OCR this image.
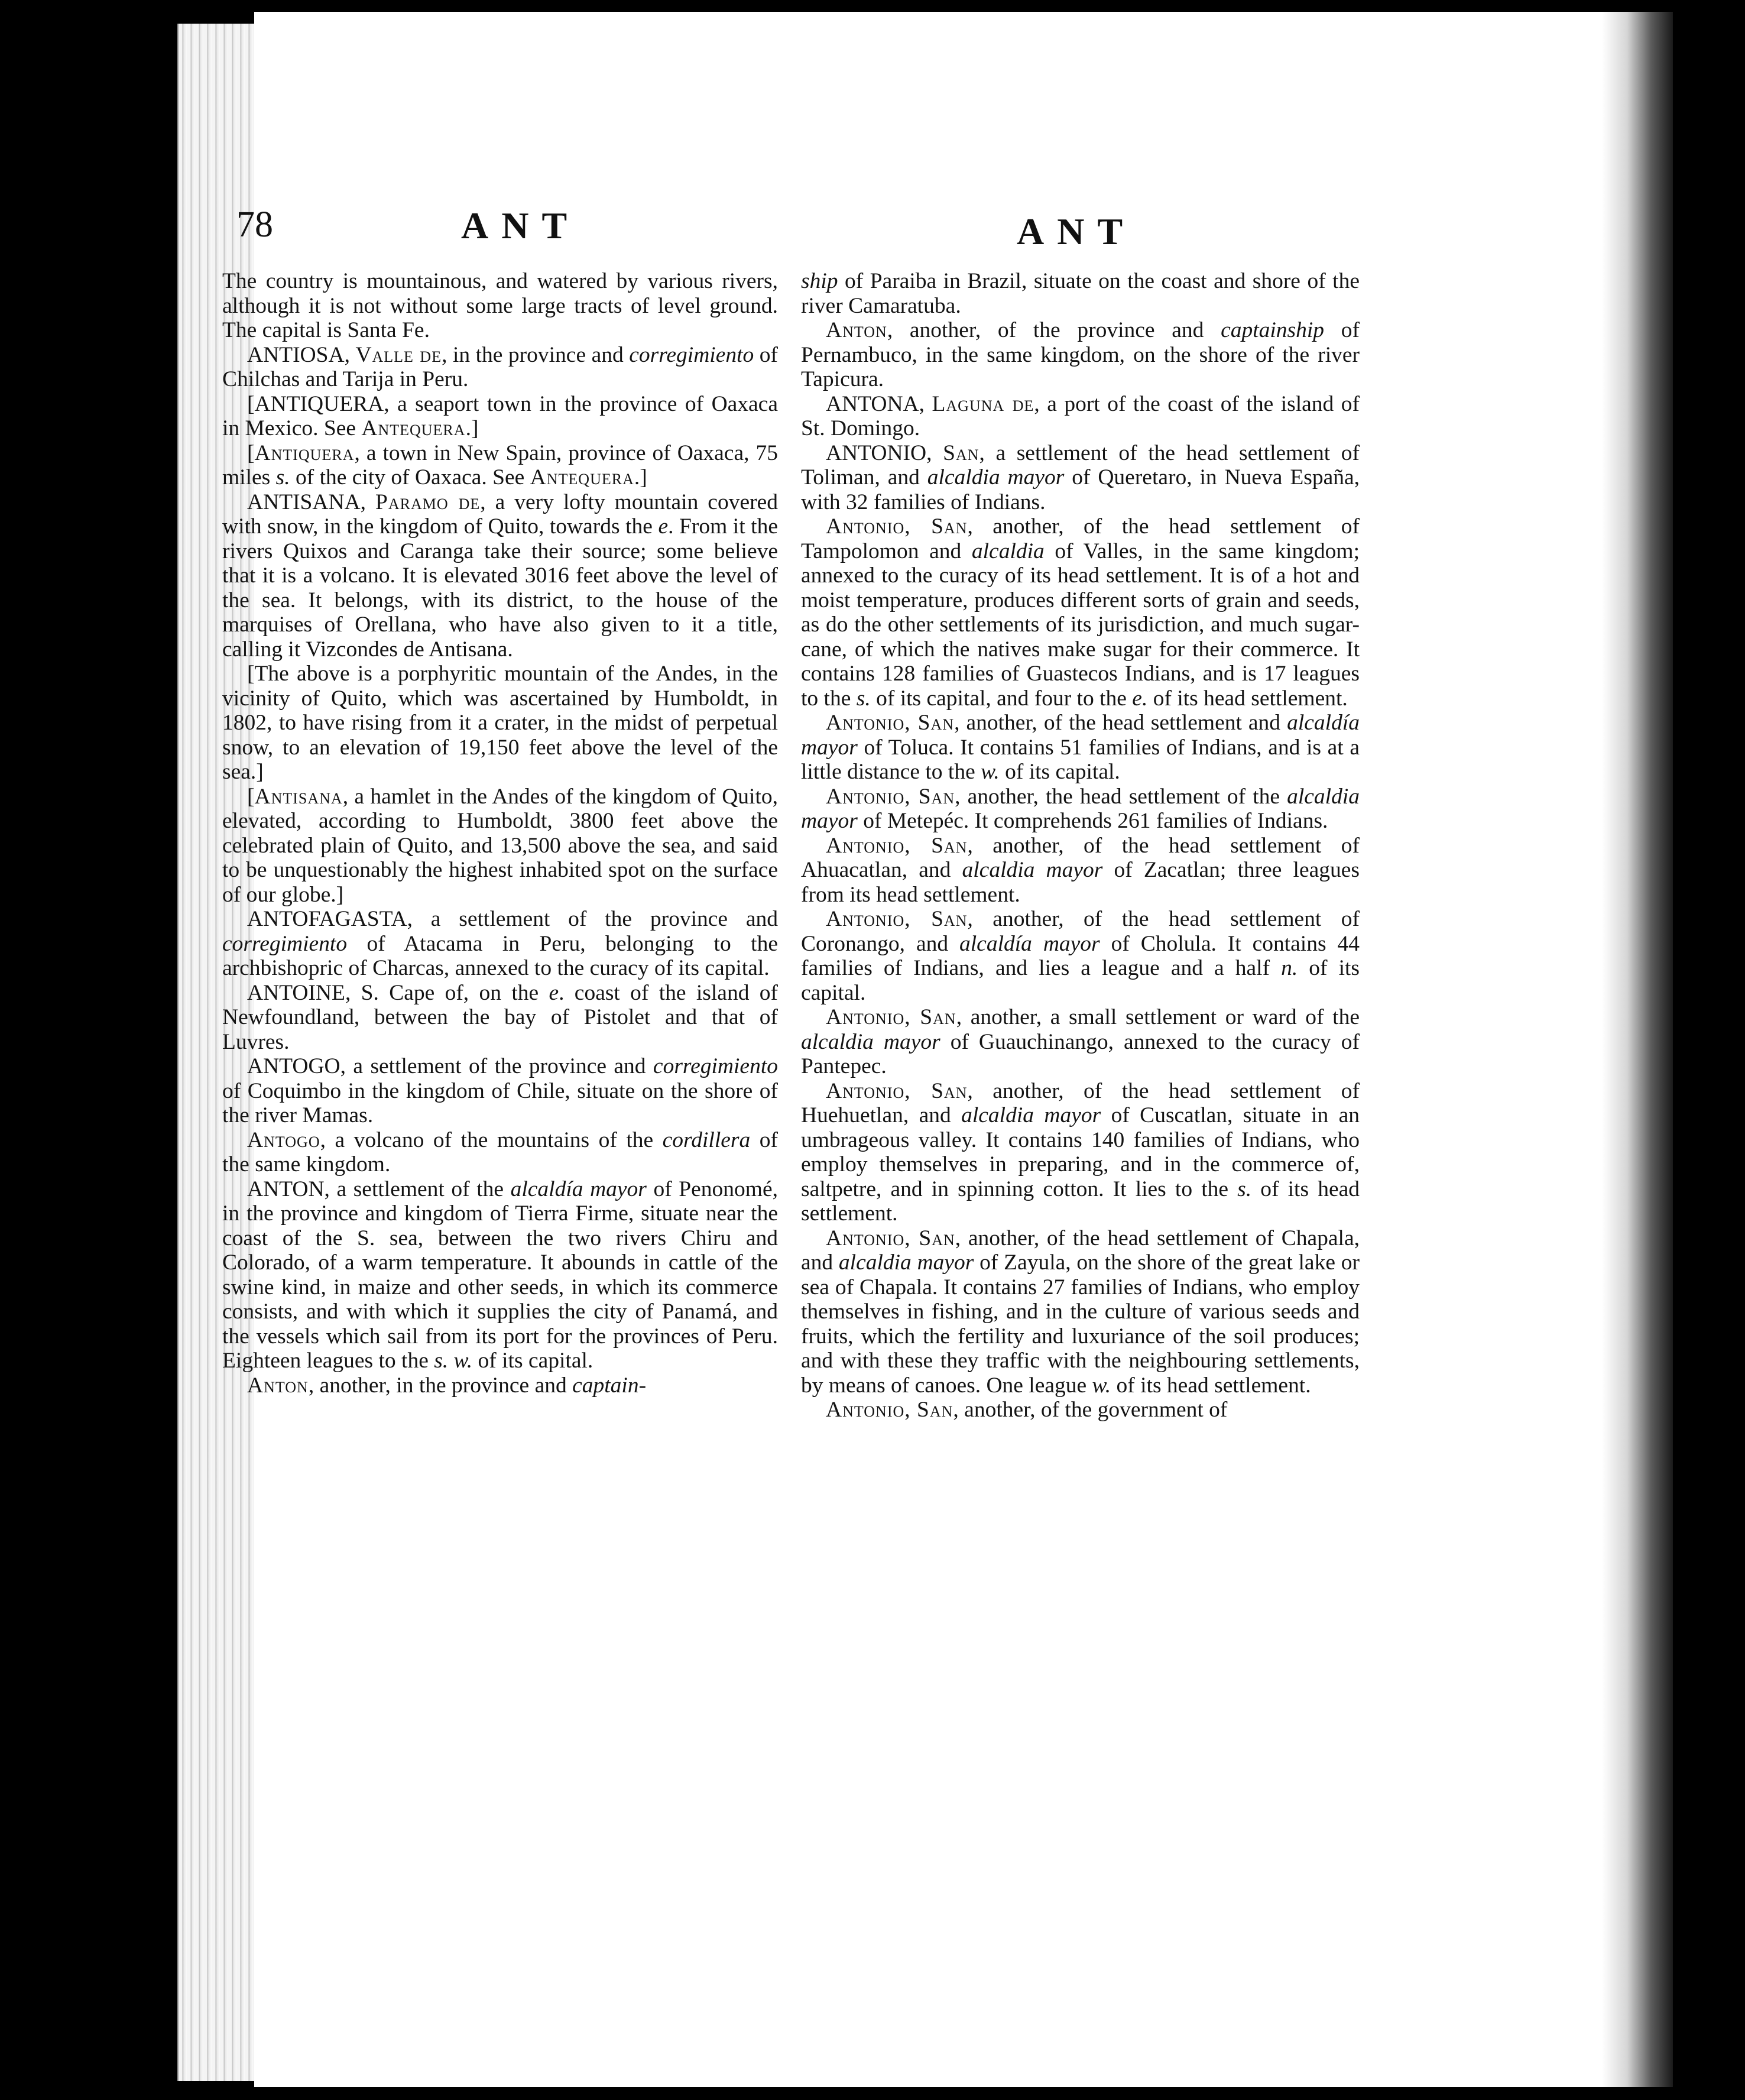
78	ANT	ANT

The country is mountainous, and watered by various rivers, although it is not without some large tracts of level ground. The capital is Santa Fe.

ANTIOSA, Valle de, in the province and corregimiento of Chilchas and Tarija in Peru.

[ANTIQUERA, a seaport town in the province of Oaxaca in Mexico. See Antequera.]

[Antiquera, a town in New Spain, province of Oaxaca, 75 miles s. of the city of Oaxaca. See Antequera.]

ANTISANA, Paramo de, a very lofty mountain covered with snow, in the kingdom of Quito, towards the e. From it the rivers Quixos and Caranga take their source; some believe that it is a volcano. It is elevated 3016 feet above the level of the sea. It belongs, with its district, to the house of the marquises of Orellana, who have also given to it a title, calling it Vizcondes de Antisana.

[The above is a porphyritic mountain of the Andes, in the vicinity of Quito, which was ascertained by Humboldt, in 1802, to have rising from it a crater, in the midst of perpetual snow, to an elevation of 19,150 feet above the level of the sea.]

[Antisana, a hamlet in the Andes of the kingdom of Quito, elevated, according to Humboldt, 3800 feet above the celebrated plain of Quito, and 13,500 above the sea, and said to be unquestionably the highest inhabited spot on the surface of our globe.]

ANTOFAGASTA, a settlement of the province and corregimiento of Atacama in Peru, belonging to the archbishopric of Charcas, annexed to the curacy of its capital.

ANTOINE, S. Cape of, on the e. coast of the island of Newfoundland, between the bay of Pistolet and that of Luvres.

ANTOGO, a settlement of the province and corregimiento of Coquimbo in the kingdom of Chile, situate on the shore of the river Mamas.

Antogo, a volcano of the mountains of the cordillera of the same kingdom.

ANTON, a settlement of the alcaldía mayor of Penonomé, in the province and kingdom of Tierra Firme, situate near the coast of the S. sea, between the two rivers Chiru and Colorado, of a warm temperature. It abounds in cattle of the swine kind, in maize and other seeds, in which its commerce consists, and with which it supplies the city of Panamá, and the vessels which sail from its port for the provinces of Peru. Eighteen leagues to the s. w. of its capital.

Anton, another, in the province and captain-

ship of Paraiba in Brazil, situate on the coast and shore of the river Camaratuba.

Anton, another, of the province and captainship of Pernambuco, in the same kingdom, on the shore of the river Tapicura.

ANTONA, Laguna de, a port of the coast of the island of St. Domingo.

ANTONIO, San, a settlement of the head settlement of Toliman, and alcaldia mayor of Queretaro, in Nueva España, with 32 families of Indians.

Antonio, San, another, of the head settlement of Tampolomon and alcaldia of Valles, in the same kingdom; annexed to the curacy of its head settlement. It is of a hot and moist temperature, produces different sorts of grain and seeds, as do the other settlements of its jurisdiction, and much sugar-cane, of which the natives make sugar for their commerce. It contains 128 families of Guastecos Indians, and is 17 leagues to the s. of its capital, and four to the e. of its head settlement.

Antonio, San, another, of the head settlement and alcaldía mayor of Toluca. It contains 51 families of Indians, and is at a little distance to the w. of its capital.

Antonio, San, another, the head settlement of the alcaldia mayor of Metepéc. It comprehends 261 families of Indians.

Antonio, San, another, of the head settlement of Ahuacatlan, and alcaldia mayor of Zacatlan; three leagues from its head settlement.

Antonio, San, another, of the head settlement of Coronango, and alcaldía mayor of Cholula. It contains 44 families of Indians, and lies a league and a half n. of its capital.

Antonio, San, another, a small settlement or ward of the alcaldia mayor of Guauchinango, annexed to the curacy of Pantepec.

Antonio, San, another, of the head settlement of Huehuetlan, and alcaldia mayor of Cuscatlan, situate in an umbrageous valley. It contains 140 families of Indians, who employ themselves in preparing, and in the commerce of, saltpetre, and in spinning cotton. It lies to the s. of its head settlement.

Antonio, San, another, of the head settlement of Chapala, and alcaldia mayor of Zayula, on the shore of the great lake or sea of Chapala. It contains 27 families of Indians, who employ themselves in fishing, and in the culture of various seeds and fruits, which the fertility and luxuriance of the soil produces; and with these they traffic with the neighbouring settlements, by means of canoes. One league w. of its head settlement.

Antonio, San, another, of the government of
